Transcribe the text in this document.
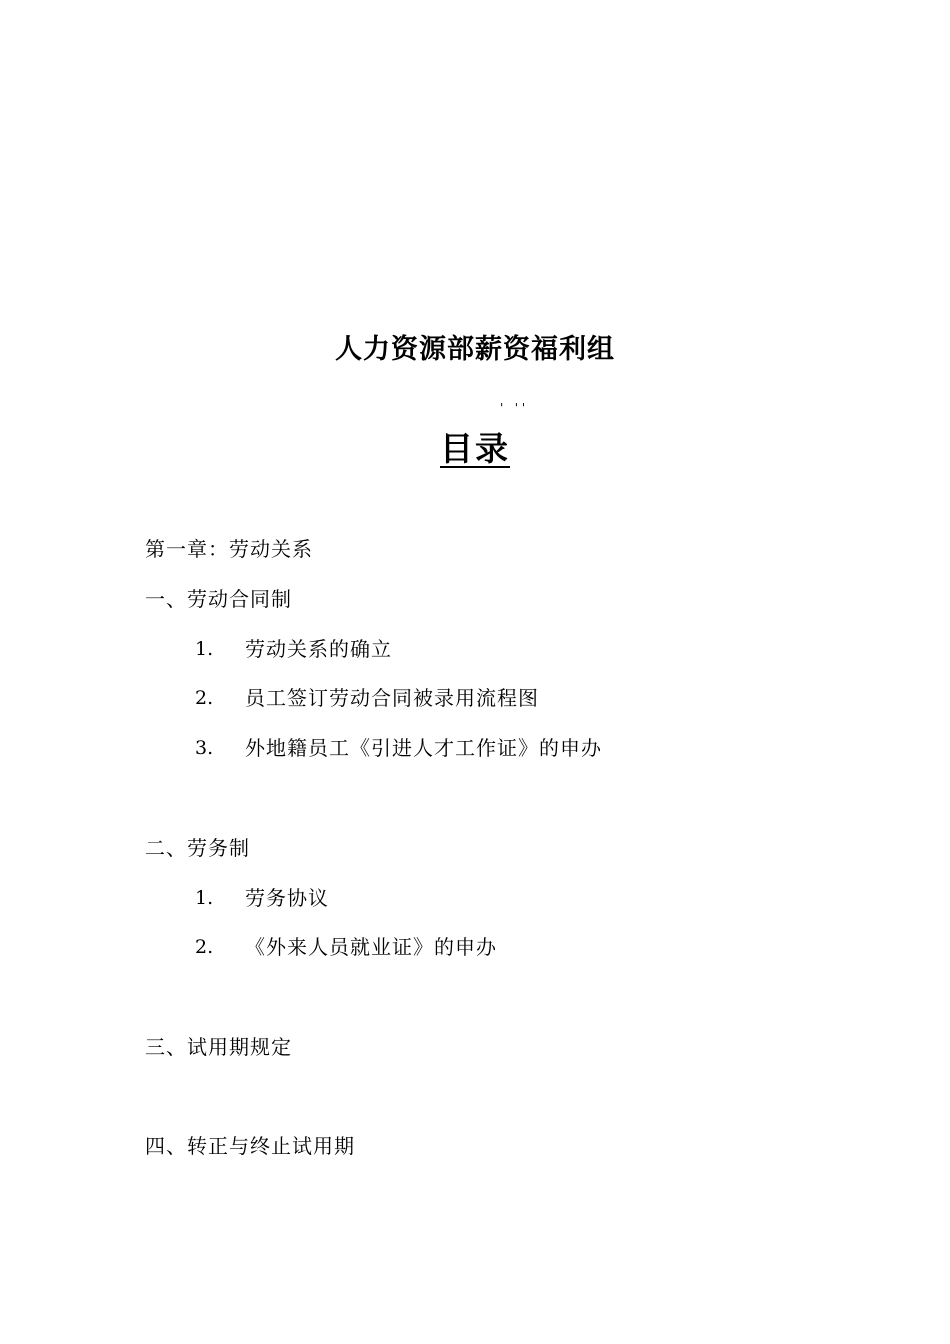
人力资源部薪资福利组
'   ' '
目录
第一章：劳动关系
一、劳动合同制
1. 劳动关系的确立
2. 员工签订劳动合同被录用流程图
3. 外地籍员工《引进人才工作证》的申办
二、劳务制
1. 劳务协议
2. 《外来人员就业证》的申办
三、试用期规定
四、转正与终止试用期
